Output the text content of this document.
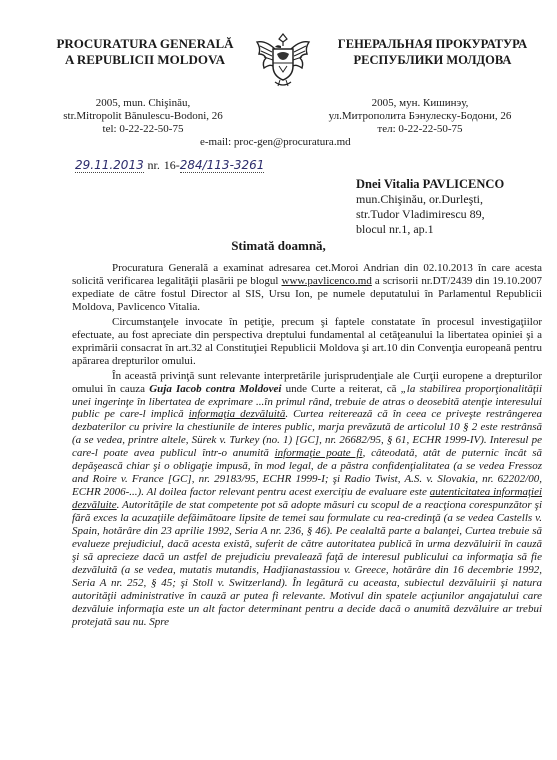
PROCURATURA GENERALĂ
A REPUBLICII MOLDOVA
ГЕНЕРАЛЬНАЯ ПРОКУРАТУРА
РЕСПУБЛИКИ МОЛДОВА
2005, mun. Chişinău,
str.Mitropolit Bănulescu-Bodoni, 26
tel: 0-22-22-50-75
2005, мун. Кишинэу,
ул.Митрополита Бэнулеску-Бодони, 26
тел: 0-22-22-50-75
e-mail: proc-gen@procuratura.md
29.11.2013 nr. 16-284/113-3261
Dnei Vitalia PAVLICENCO
mun.Chişinău, or.Durleşti,
str.Tudor Vladimirescu 89,
blocul nr.1, ap.1
Stimată doamnă,

Procuratura Generală a examinat adresarea cet.Moroi Andrian din 02.10.2013 în care acesta solicită verificarea legalităţii plasării pe blogul www.pavlicenco.md a scrisorii nr.DT/2439 din 19.10.2007 expediate de către fostul Director al SIS, Ursu Ion, pe numele deputatului în Parlamentul Republicii Moldova, Pavlicenco Vitalia.

Circumstanţele invocate în petiţie, precum şi faptele constatate în procesul investigaţiilor efectuate, au fost apreciate din perspectiva dreptului fundamental al cetăţeanului la libertatea opiniei şi a exprimării consacrat în art.32 al Constituţiei Republicii Moldova şi art.10 din Convenţia europeană pentru apărarea drepturilor omului.

În această privinţă sunt relevante interpretările jurisprudenţiale ale Curţii europene a drepturilor omului în cauza Guja Iacob contra Moldovei unde Curte a reiterat, că „la stabilirea proporţionalităţii unei ingerinţe în libertatea de exprimare ...în primul rând, trebuie de atras o deosebită atenţie interesului public pe care-l implică informaţia dezvăluită. Curtea reiterează că în ceea ce priveşte restrângerea dezbaterilor cu privire la chestiunile de interes public, marja prevăzută de articolul 10 § 2 este restrânsă (a se vedea, printre altele, Sürek v. Turkey (no. 1) [GC], nr. 26682/95, § 61, ECHR 1999-IV). Interesul pe care-l poate avea publicul într-o anumită informaţie poate fi, câteodată, atât de puternic încât să depăşească chiar şi o obligaţie impusă, în mod legal, de a păstra confidenţialitatea (a se vedea Fressoz and Roire v. France [GC], nr. 29183/95, ECHR 1999-I; şi Radio Twist, A.S. v. Slovakia, nr. 62202/00, ECHR 2006-...). Al doilea factor relevant pentru acest exerciţiu de evaluare este autenticitatea informaţiei dezvăluite. Autorităţile de stat competente pot să adopte măsuri cu scopul de a reacţiona corespunzător şi fără exces la acuzaţiile defăimătoare lipsite de temei sau formulate cu rea-credinţă (a se vedea Castells v. Spain, hotărâre din 23 aprilie 1992, Seria A nr. 236, § 46). Pe cealaltă parte a balanţei, Curtea trebuie să evalueze prejudiciul, dacă acesta există, suferit de către autoritatea publică în urma dezvăluirii în cauză şi să aprecieze dacă un astfel de prejudiciu prevalează faţă de interesul publicului ca informaţia să fie dezvăluită (a se vedea, mutatis mutandis, Hadjianastassiou v. Greece, hotărâre din 16 decembrie 1992, Seria A nr. 252, § 45; şi Stoll v. Switzerland). În legătură cu aceasta, subiectul dezvăluirii şi natura autorităţii administrative în cauză ar putea fi relevante. Motivul din spatele acţiunilor angajatului care dezvăluie informaţia este un alt factor determinant pentru a decide dacă o anumită dezvăluire ar trebui protejată sau nu. Spre
